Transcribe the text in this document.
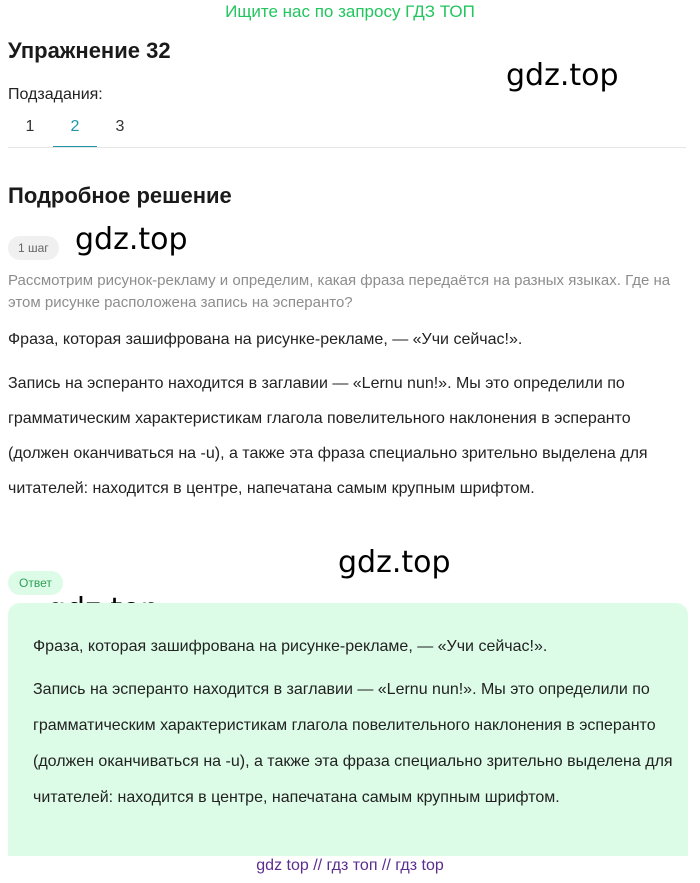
Ищите нас по запросу ГДЗ ТОП
Упражнение 32
gdz.top
gdz.top
gdz.top
Подзадания:
1	2	3
Подробное решение
1 шаг

Рассмотрим рисунок-рекламу и определим, какая фраза передаётся на разных языках. Где на этом рисунке расположена запись на эсперанто?

Фраза, которая зашифрована на рисунке-рекламе, — «Учи сейчас!».

Запись на эсперанто находится в заглавии — «Lernu nun!». Мы это определили по грамматическим характеристикам глагола повелительного наклонения в эсперанто (должен оканчиваться на -u), а также эта фраза специально зрительно выделена для читателей: находится в центре, напечатана самым крупным шрифтом.

Ответ

Фраза, которая зашифрована на рисунке-рекламе, — «Учи сейчас!».

Запись на эсперанто находится в заглавии — «Lernu nun!». Мы это определили по грамматическим характеристикам глагола повелительного наклонения в эсперанто (должен оканчиваться на -u), а также эта фраза специально зрительно выделена для читателей: находится в центре, напечатана самым крупным шрифтом.

gdz top // гдз топ // гдз top
